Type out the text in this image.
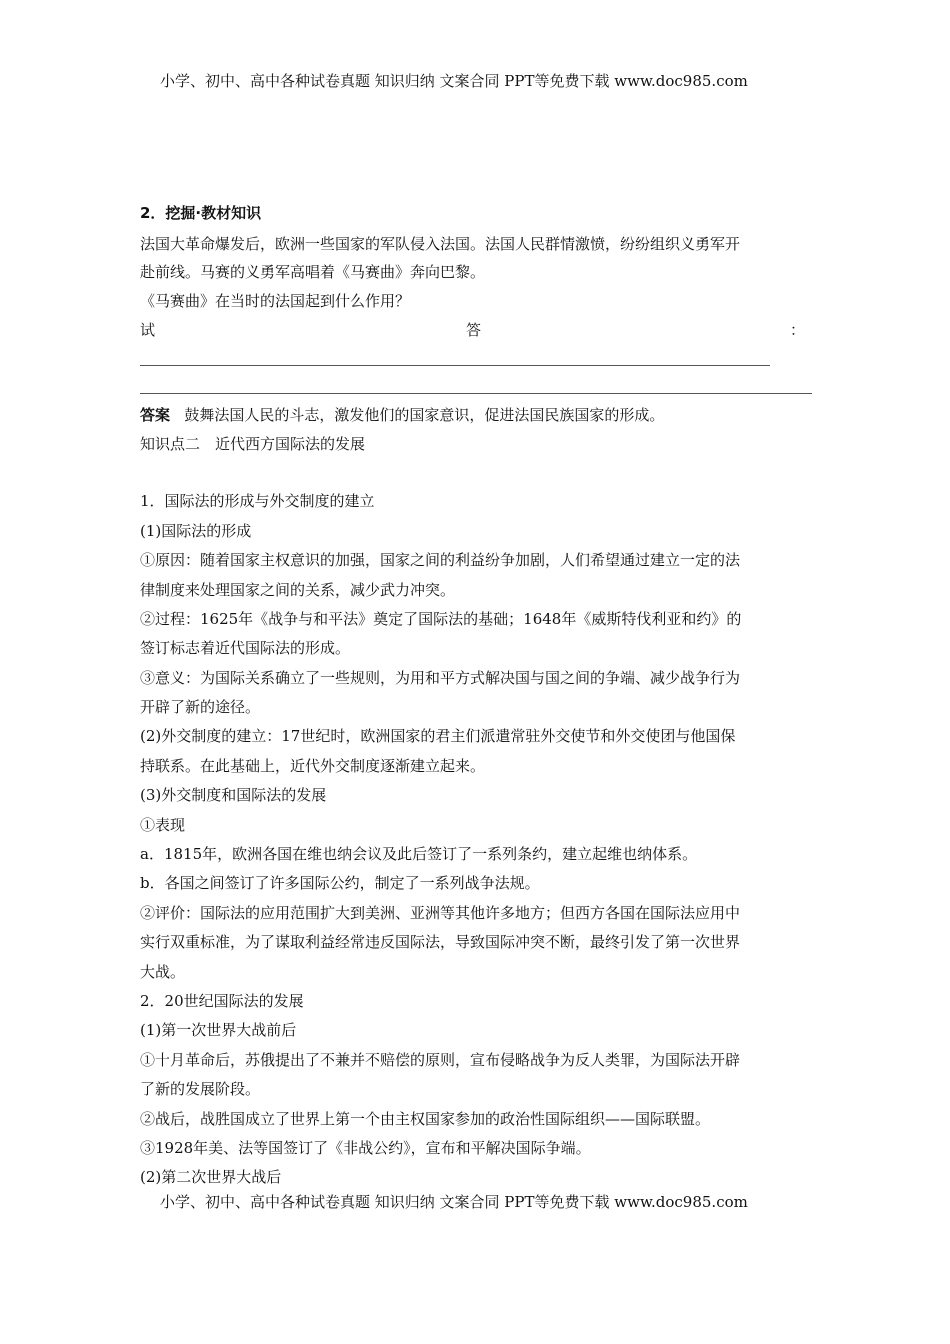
小学、初中、高中各种试卷真题 知识归纳 文案合同 PPT等免费下载 www.doc985.com
2．挖掘·教材知识
法国大革命爆发后，欧洲一些国家的军队侵入法国。法国人民群情激愤，纷纷组织义勇军开
赴前线。马赛的义勇军高唱着《马赛曲》奔向巴黎。
《马赛曲》在当时的法国起到什么作用？
试	答	：
答案 鼓舞法国人民的斗志，激发他们的国家意识，促进法国民族国家的形成。
知识点二　近代西方国际法的发展
1．国际法的形成与外交制度的建立
(1)国际法的形成
①原因：随着国家主权意识的加强，国家之间的利益纷争加剧，人们希望通过建立一定的法
律制度来处理国家之间的关系，减少武力冲突。
②过程：1625年《战争与和平法》奠定了国际法的基础；1648年《威斯特伐利亚和约》的
签订标志着近代国际法的形成。
③意义：为国际关系确立了一些规则，为用和平方式解决国与国之间的争端、减少战争行为
开辟了新的途径。
(2)外交制度的建立：17世纪时，欧洲国家的君主们派遣常驻外交使节和外交使团与他国保
持联系。在此基础上，近代外交制度逐渐建立起来。
(3)外交制度和国际法的发展
①表现
a．1815年，欧洲各国在维也纳会议及此后签订了一系列条约，建立起维也纳体系。
b．各国之间签订了许多国际公约，制定了一系列战争法规。
②评价：国际法的应用范围扩大到美洲、亚洲等其他许多地方；但西方各国在国际法应用中
实行双重标准，为了谋取利益经常违反国际法，导致国际冲突不断，最终引发了第一次世界
大战。
2．20世纪国际法的发展
(1)第一次世界大战前后
①十月革命后，苏俄提出了不兼并不赔偿的原则，宣布侵略战争为反人类罪，为国际法开辟
了新的发展阶段。
②战后，战胜国成立了世界上第一个由主权国家参加的政治性国际组织——国际联盟。
③1928年美、法等国签订了《非战公约》，宣布和平解决国际争端。
(2)第二次世界大战后
小学、初中、高中各种试卷真题 知识归纳 文案合同 PPT等免费下载 www.doc985.com
